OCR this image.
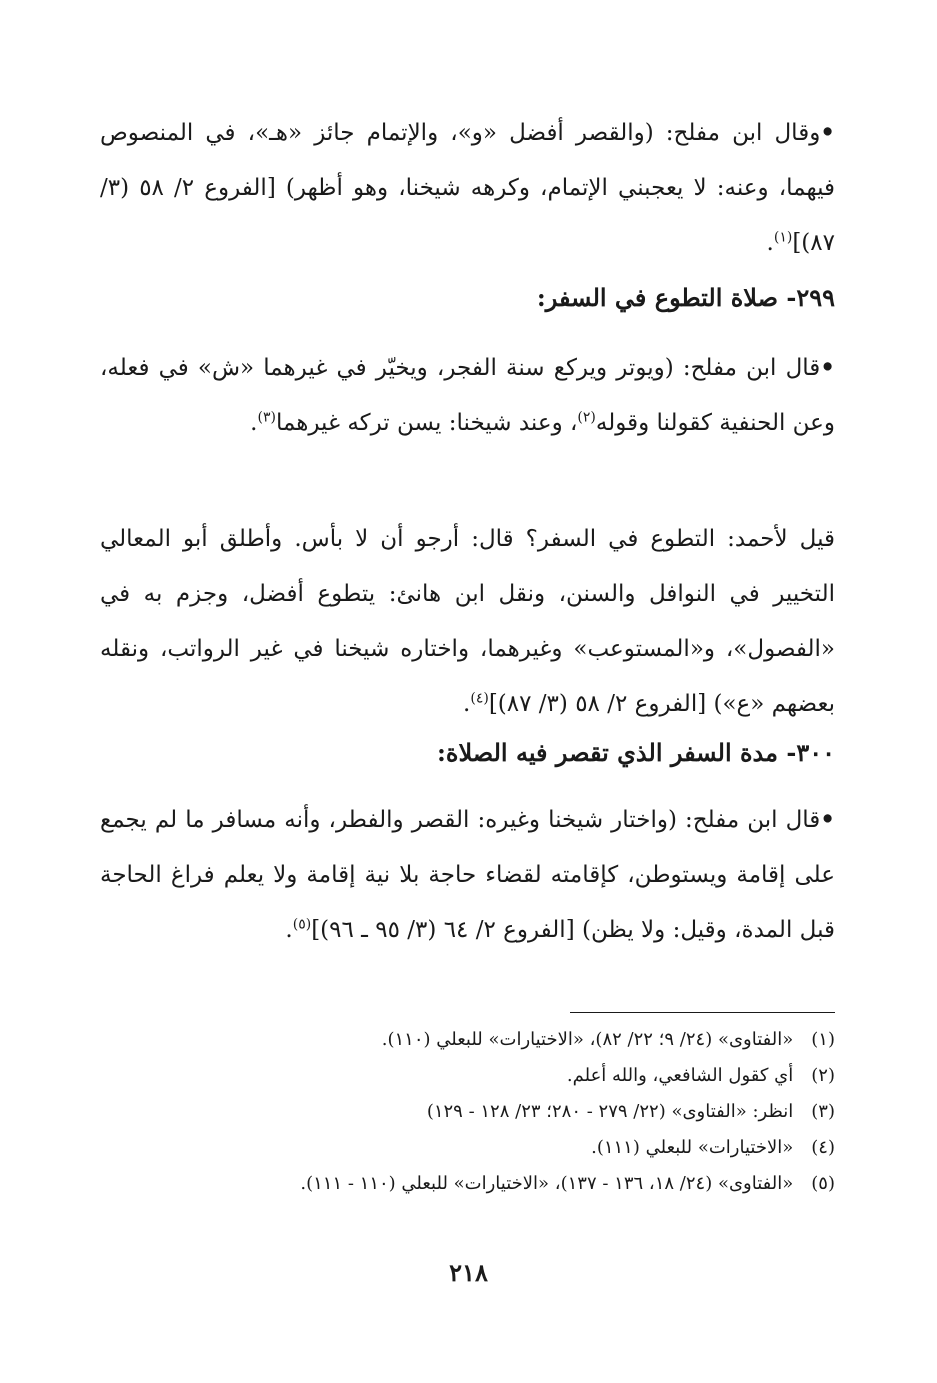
•وقال ابن مفلح: (والقصر أفضل «و»، والإتمام جائز «هـ»، في المنصوص فيهما، وعنه: لا يعجبني الإتمام، وكرهه شيخنا، وهو أظهر) [الفروع ٢/ ٥٨ (٣/ ٨٧)]$^{(١)}$.

٢٩٩- صلاة التطوع في السفر:

•قال ابن مفلح: (ويوتر ويركع سنة الفجر، ويخيّر في غيرهما «ش» في فعله، وعن الحنفية كقولنا وقوله$^{(٢)}$، وعند شيخنا: يسن تركه غيرهما$^{(٣)}$.

قيل لأحمد: التطوع في السفر؟ قال: أرجو أن لا بأس. وأطلق أبو المعالي التخيير في النوافل والسنن، ونقل ابن هانئ: يتطوع أفضل، وجزم به في «الفصول»، و«المستوعب» وغيرهما، واختاره شيخنا في غير الرواتب، ونقله بعضهم «ع») [الفروع ٢/ ٥٨ (٣/ ٨٧)]$^{(٤)}$.

٣٠٠- مدة السفر الذي تقصر فيه الصلاة:

•قال ابن مفلح: (واختار شيخنا وغيره: القصر والفطر، وأنه مسافر ما لم يجمع على إقامة ويستوطن، كإقامته لقضاء حاجة بلا نية إقامة ولا يعلم فراغ الحاجة قبل المدة، وقيل: ولا يظن) [الفروع ٢/ ٦٤ (٣/ ٩٥ ـ ٩٦)]$^{(٥)}$.

(١) «الفتاوى» (٢٤/ ٩؛ ٢٢/ ٨٢)، «الاختيارات» للبعلي (١١٠).
(٢) أي كقول الشافعي، والله أعلم.
(٣) انظر: «الفتاوى» (٢٢/ ٢٧٩ - ٢٨٠؛ ٢٣/ ١٢٨ - ١٢٩)
(٤) «الاختيارات» للبعلي (١١١).
(٥) «الفتاوى» (٢٤/ ١٨، ١٣٦ - ١٣٧)، «الاختيارات» للبعلي (١١٠ - ١١١).
٢١٨
